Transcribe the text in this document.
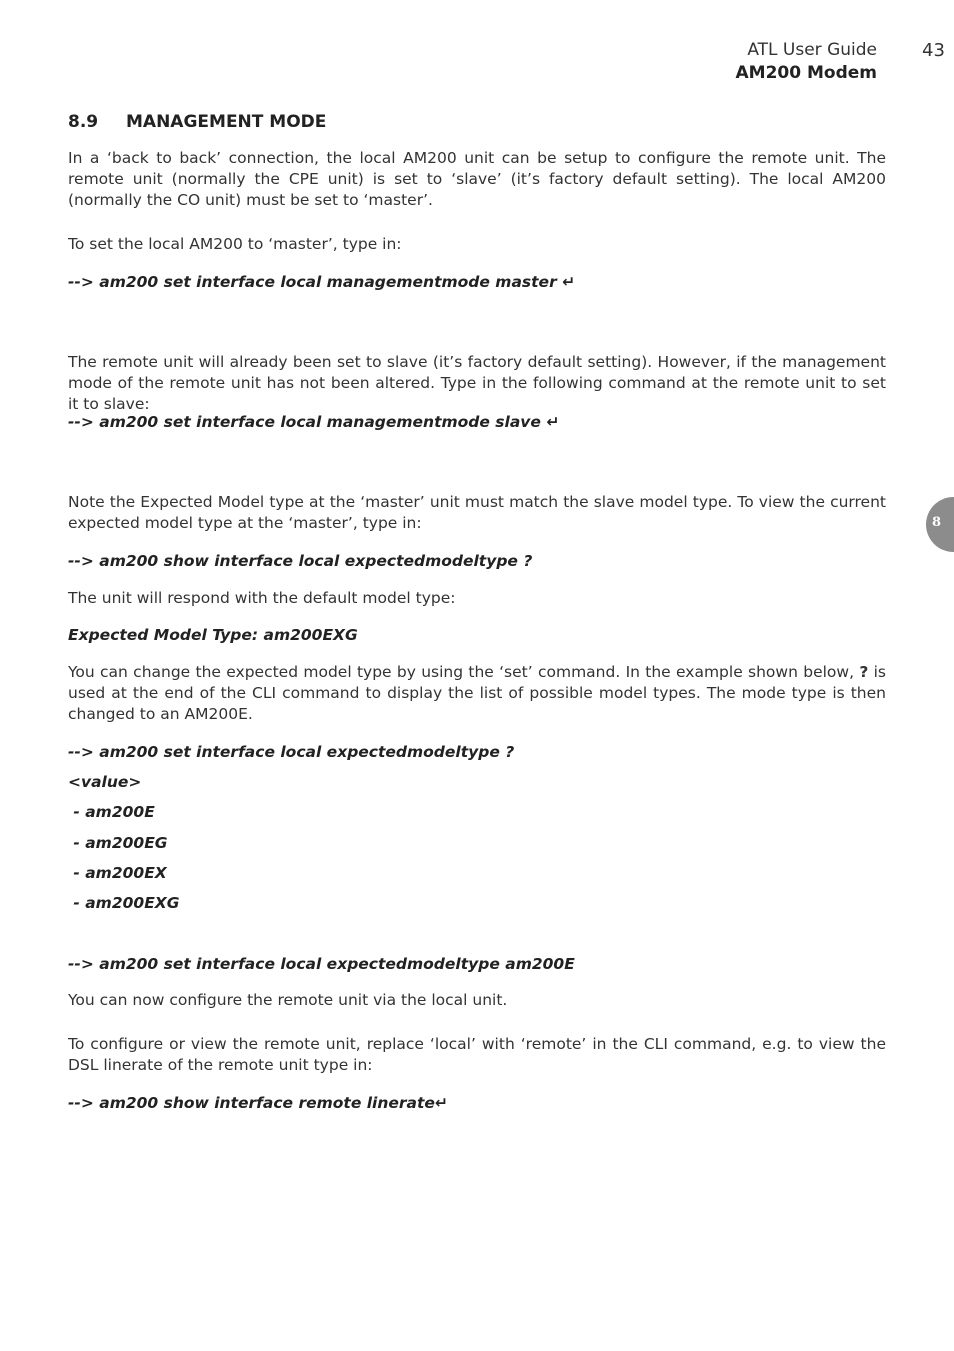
ATL User Guide
AM200 Modem
43
8
8.9 MANAGEMENT MODE
In a ‘back to back’ connection, the local AM200 unit can be setup to configure the remote unit. The remote unit (normally the CPE unit) is set to ‘slave’ (it’s factory default setting). The local AM200 (normally the CO unit) must be set to ‘master’.
To set the local AM200 to ‘master’, type in:
--> am200 set interface local managementmode master ↵
The remote unit will already been set to slave (it’s factory default setting). However, if the management mode of the remote unit has not been altered. Type in the following command at the remote unit to set it to slave:
--> am200 set interface local managementmode slave ↵
Note the Expected Model type at the ‘master’ unit must match the slave model type. To view the current expected model type at the ‘master’, type in:
--> am200 show interface local expectedmodeltype ?
The unit will respond with the default model type:
Expected Model Type: am200EXG
You can change the expected model type by using the ‘set’ command. In the example shown below, ? is used at the end of the CLI command to display the list of possible model types. The mode type is then changed to an AM200E.
--> am200 set interface local expectedmodeltype ?
<value>
- am200E
- am200EG
- am200EX
- am200EXG
--> am200 set interface local expectedmodeltype am200E
You can now configure the remote unit via the local unit.
To configure or view the remote unit, replace ‘local’ with ‘remote’ in the CLI command, e.g. to view the DSL linerate of the remote unit type in:
--> am200 show interface remote linerate↵
